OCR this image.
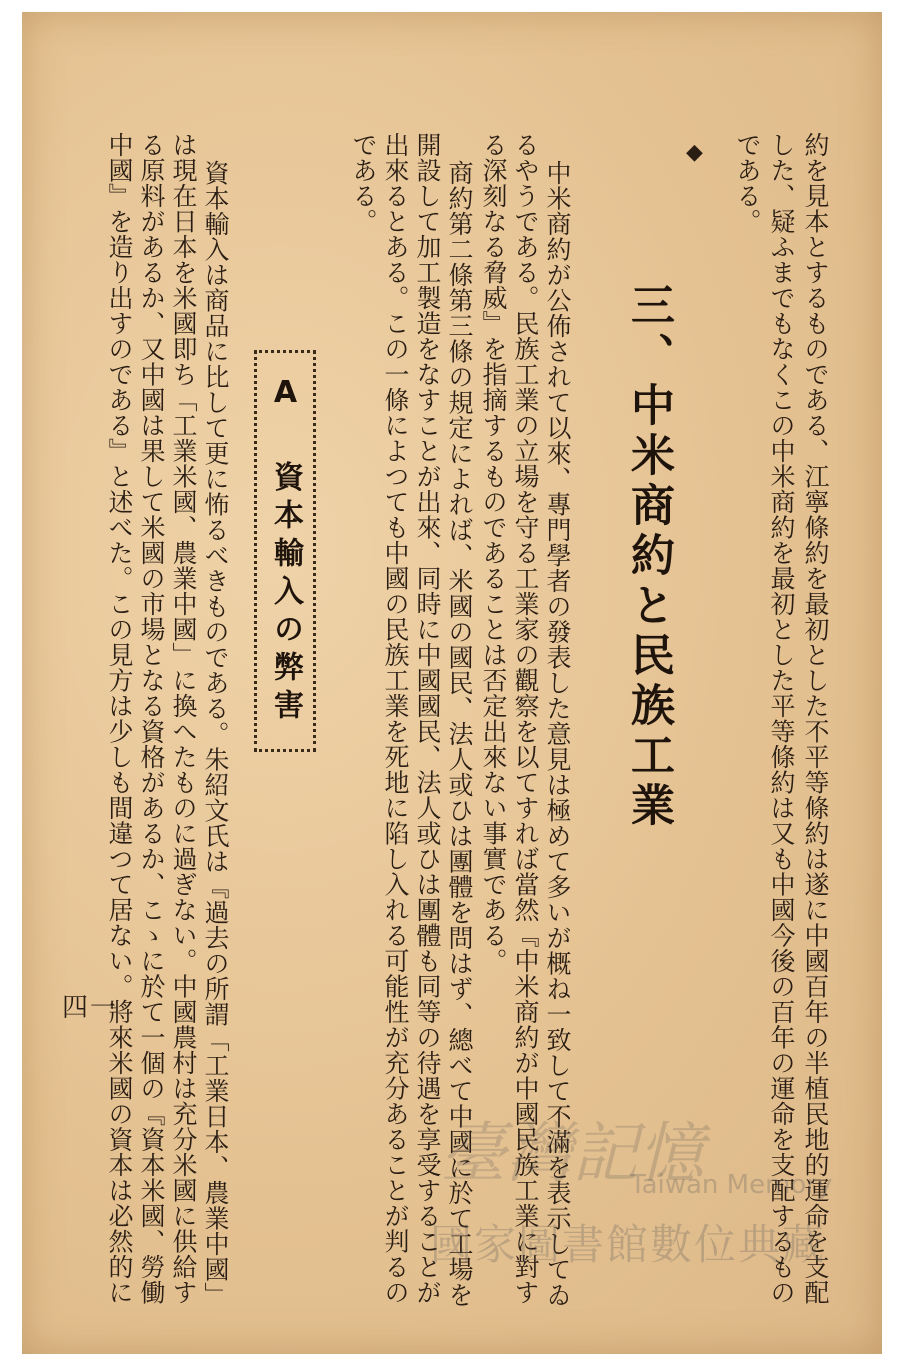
◆	約を見本とするものである、江寧條約を最初とした不平等條約は遂に中國百年の半植民地的運命を支配
した、疑ふまでもなくこの中米商約を最初とした平等條約は又も中國今後の百年の運命を支配するもの
である。
三、中米商約と民族工業
中米商約が公佈されて以來、專門學者の發表した意見は極めて多いが概ね一致して不滿を表示してゐ
るやうである。民族工業の立場を守る工業家の觀察を以てすれば當然『中米商約が中國民族工業に對す
る深刻なる脅威』を指摘するものであることは否定出來ない事實である。
商約第二條第三條の規定によれば、米國の國民、法人或ひは團體を問はず、總べて中國に於て工場を
開設して加工製造をなすことが出來、同時に中國國民、法人或ひは團體も同等の待遇を享受することが
出來るとある。この一條によつても中國の民族工業を死地に陷し入れる可能性が充分あることが判るの
である。
A 資本輸入の弊害
資本輸入は商品に比して更に怖るべきものである。朱紹文氏は『過去の所謂「工業日本、農業中國」
は現在日本を米國即ち「工業米國、農業中國」に換へたものに過ぎない。中國農村は充分米國に供給す
る原料があるか、又中國は果して米國の市場となる資格があるか、こゝに於て一個の『資本米國、勞働
中國』を造り出すのである』と述べた。この見方は少しも間違つて居ない。將來米國の資本は必然的に
四一
臺灣記憶
Taiwan Memory
國家圖書館數位典藏
